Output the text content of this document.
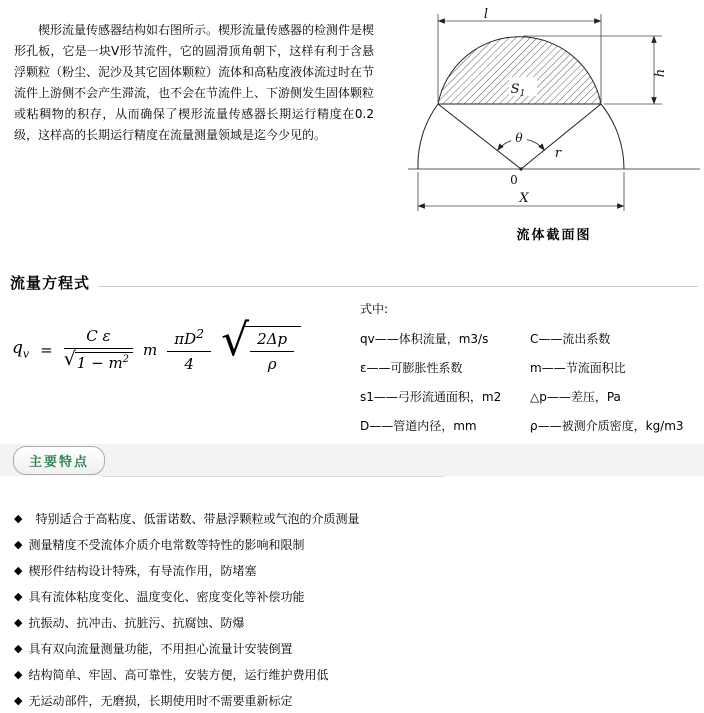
楔形流量传感器结构如右图所示。楔形流量传感器的检测件是楔形孔板，它是一块V形节流件，它的圆滑顶角朝下，这样有利于含悬浮颗粒（粉尘、泥沙及其它固体颗粒）流体和高粘度液体流过时在节流件上游侧不会产生滞流，也不会在节流件上、下游侧发生固体颗粒或粘稠物的积存，从而确保了楔形流量传感器长期运行精度在0.2级，这样高的长期运行精度在流量测量领域是迄今少见的。

l
h
$S_1$
θ
0
r
X
流体截面图
流量方程式
$q_v = \frac{\text{C ε}}{√ 1 - m^2}$ m $\frac{\pi D^2}{4}$ √ $\frac{2\Delta p}{\rho}$
式中:
qv——体积流量，m3/s	C——流出系数
ε——可膨胀性系数	m——节流面积比
s1——弓形流通面积，m2	△p——差压，Pa
D——管道内径，mm	ρ——被测介质密度，kg/m3
主要特点
◆ 特别适合于高粘度、低雷诺数、带悬浮颗粒或气泡的介质测量
◆ 测量精度不受流体介质介电常数等特性的影响和限制
◆ 楔形件结构设计特殊，有导流作用，防堵塞
◆ 具有流体粘度变化、温度变化、密度变化等补偿功能
◆ 抗振动、抗冲击、抗脏污、抗腐蚀、防爆
◆ 具有双向流量测量功能，不用担心流量计安装倒置
◆ 结构简单、牢固、高可靠性，安装方便，运行维护费用低
◆ 无运动部件，无磨损，长期使用时不需要重新标定
